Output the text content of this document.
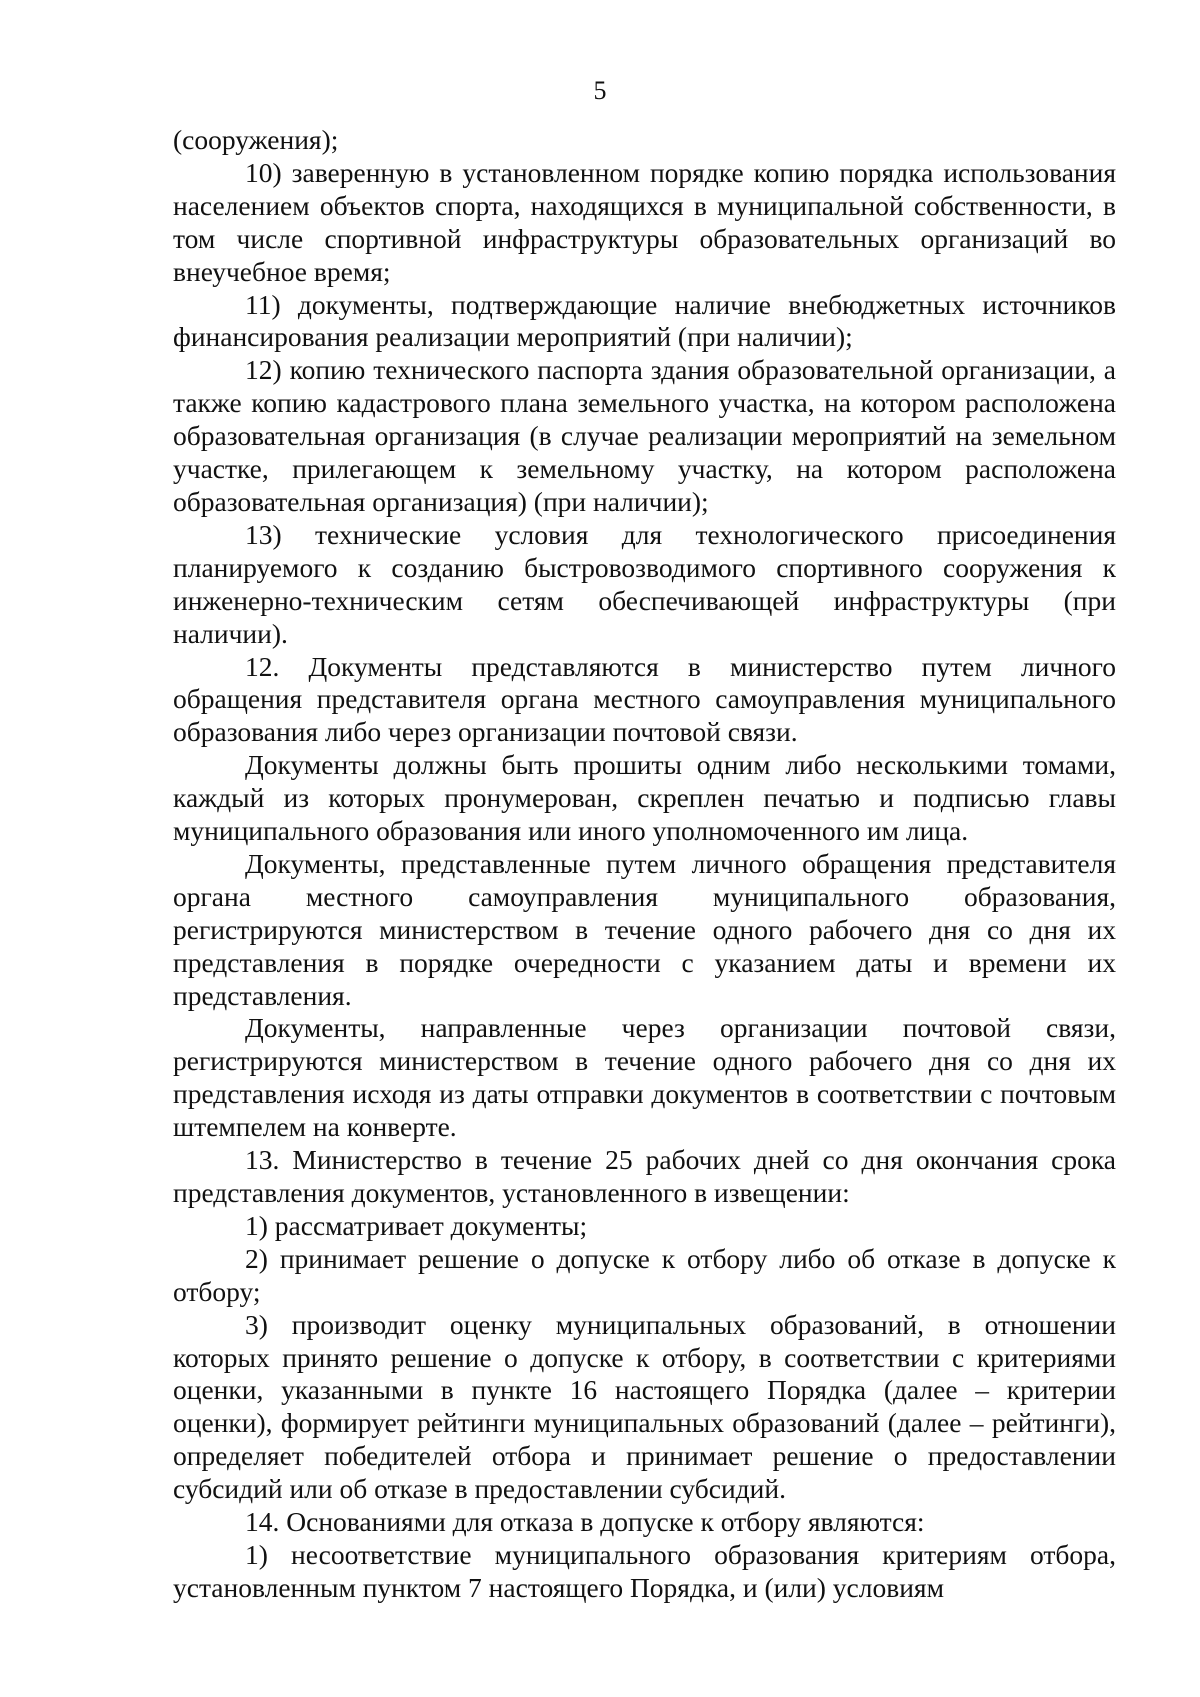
5

(сооружения);

10) заверенную в установленном порядке копию порядка использования населением объектов спорта, находящихся в муниципальной собственности, в том числе спортивной инфраструктуры образовательных организаций во внеучебное время;

11) документы, подтверждающие наличие внебюджетных источников финансирования реализации мероприятий (при наличии);

12) копию технического паспорта здания образовательной организации, а также копию кадастрового плана земельного участка, на котором расположена образовательная организация (в случае реализации мероприятий на земельном участке, прилегающем к земельному участку, на котором расположена образовательная организация) (при наличии);

13) технические условия для технологического присоединения планируемого к созданию быстровозводимого спортивного сооружения к инженерно-техническим сетям обеспечивающей инфраструктуры (при наличии).

12. Документы представляются в министерство путем личного обращения представителя органа местного самоуправления муниципального образования либо через организации почтовой связи.

Документы должны быть прошиты одним либо несколькими томами, каждый из которых пронумерован, скреплен печатью и подписью главы муниципального образования или иного уполномоченного им лица.

Документы, представленные путем личного обращения представителя органа местного самоуправления муниципального образования, регистрируются министерством в течение одного рабочего дня со дня их представления в порядке очередности с указанием даты и времени их представления.

Документы, направленные через организации почтовой связи, регистрируются министерством в течение одного рабочего дня со дня их представления исходя из даты отправки документов в соответствии с почтовым штемпелем на конверте.

13. Министерство в течение 25 рабочих дней со дня окончания срока представления документов, установленного в извещении:

1) рассматривает документы;

2) принимает решение о допуске к отбору либо об отказе в допуске к отбору;

3) производит оценку муниципальных образований, в отношении которых принято решение о допуске к отбору, в соответствии с критериями оценки, указанными в пункте 16 настоящего Порядка (далее – критерии оценки), формирует рейтинги муниципальных образований (далее – рейтинги), определяет победителей отбора и принимает решение о предоставлении субсидий или об отказе в предоставлении субсидий.

14. Основаниями для отказа в допуске к отбору являются:

1) несоответствие муниципального образования критериям отбора, установленным пунктом 7 настоящего Порядка, и (или) условиям
